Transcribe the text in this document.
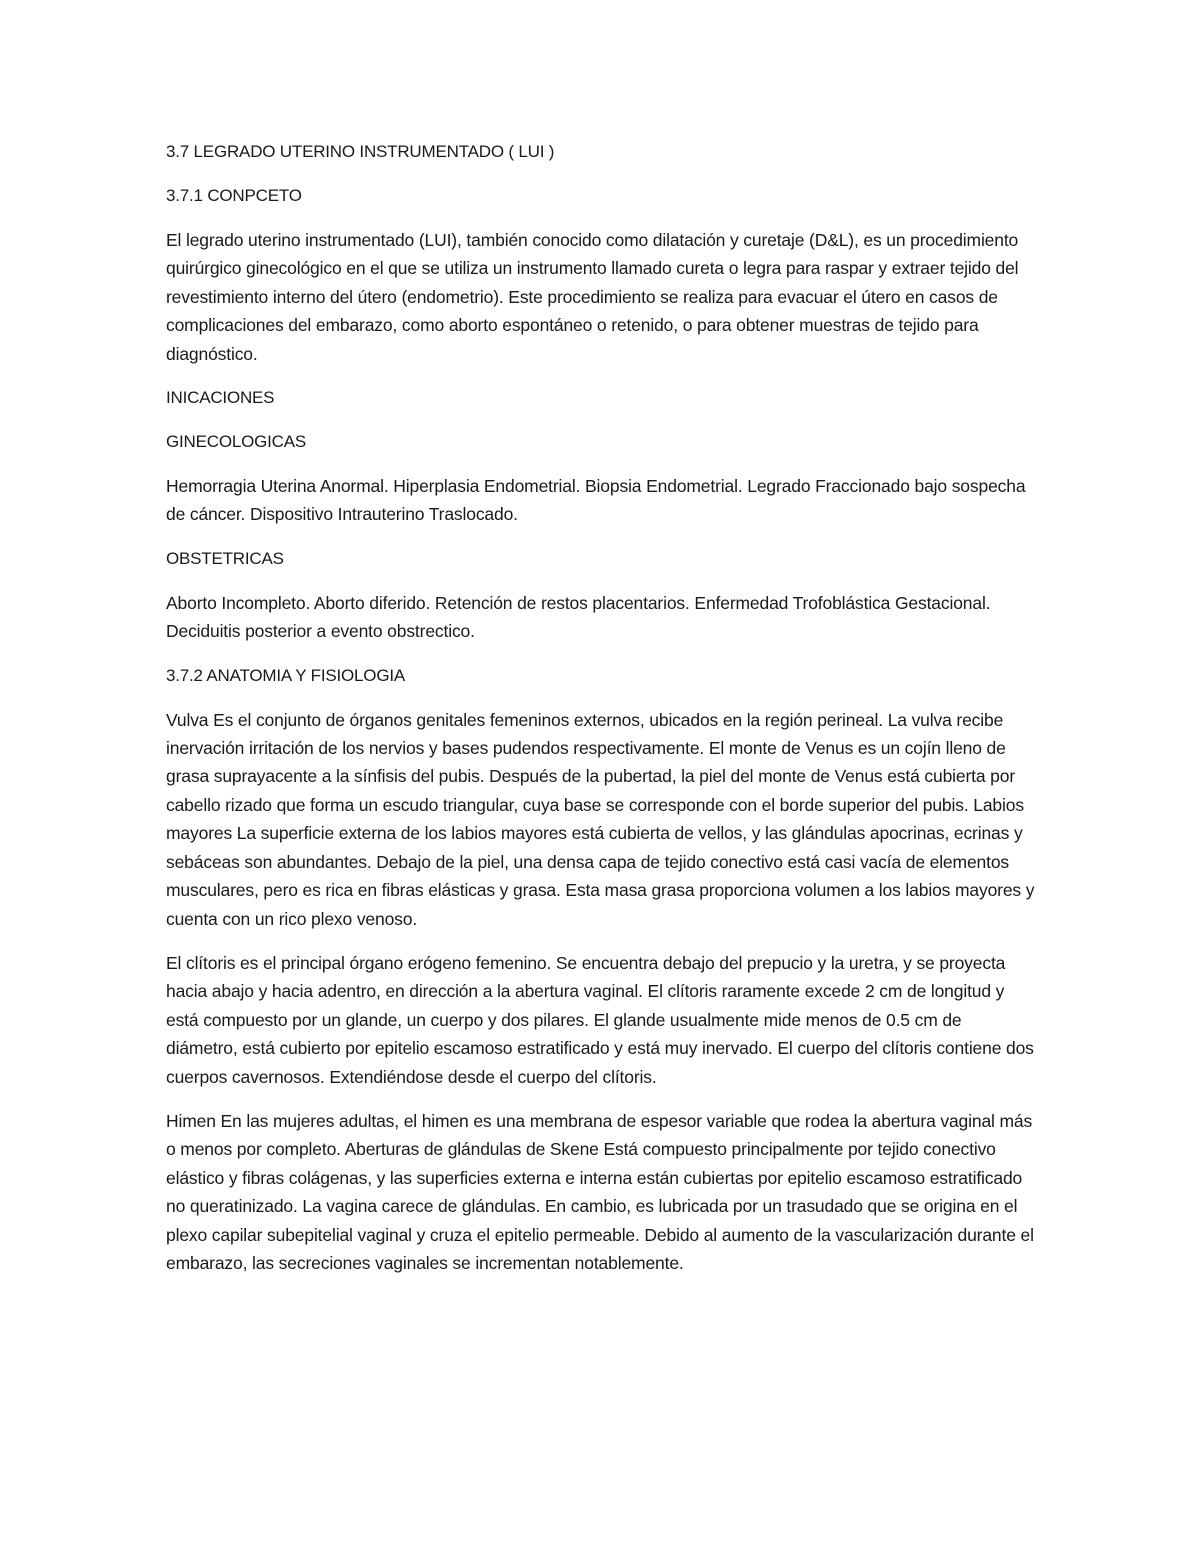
3.7 LEGRADO UTERINO INSTRUMENTADO ( LUI )

3.7.1 CONPCETO

El legrado uterino instrumentado (LUI), también conocido como dilatación y curetaje (D&L), es un procedimiento quirúrgico ginecológico en el que se utiliza un instrumento llamado cureta o legra para raspar y extraer tejido del revestimiento interno del útero (endometrio). Este procedimiento se realiza para evacuar el útero en casos de complicaciones del embarazo, como aborto espontáneo o retenido, o para obtener muestras de tejido para diagnóstico.

INICACIONES

GINECOLOGICAS

Hemorragia Uterina Anormal. Hiperplasia Endometrial. Biopsia Endometrial. Legrado Fraccionado bajo sospecha de cáncer. Dispositivo Intrauterino Traslocado.

OBSTETRICAS

Aborto Incompleto. Aborto diferido. Retención de restos placentarios. Enfermedad Trofoblástica Gestacional. Deciduitis posterior a evento obstrectico.

3.7.2 ANATOMIA Y FISIOLOGIA

Vulva Es el conjunto de órganos genitales femeninos externos, ubicados en la región perineal. La vulva recibe inervación irritación de los nervios y bases pudendos respectivamente. El monte de Venus es un cojín lleno de grasa suprayacente a la sínfisis del pubis. Después de la pubertad, la piel del monte de Venus está cubierta por cabello rizado que forma un escudo triangular, cuya base se corresponde con el borde superior del pubis. Labios mayores La superficie externa de los labios mayores está cubierta de vellos, y las glándulas apocrinas, ecrinas y sebáceas son abundantes. Debajo de la piel, una densa capa de tejido conectivo está casi vacía de elementos musculares, pero es rica en fibras elásticas y grasa. Esta masa grasa proporciona volumen a los labios mayores y cuenta con un rico plexo venoso.

El clítoris es el principal órgano erógeno femenino. Se encuentra debajo del prepucio y la uretra, y se proyecta hacia abajo y hacia adentro, en dirección a la abertura vaginal. El clítoris raramente excede 2 cm de longitud y está compuesto por un glande, un cuerpo y dos pilares. El glande usualmente mide menos de 0.5 cm de diámetro, está cubierto por epitelio escamoso estratificado y está muy inervado. El cuerpo del clítoris contiene dos cuerpos cavernosos. Extendiéndose desde el cuerpo del clítoris.

Himen En las mujeres adultas, el himen es una membrana de espesor variable que rodea la abertura vaginal más o menos por completo. Aberturas de glándulas de Skene Está compuesto principalmente por tejido conectivo elástico y fibras colágenas, y las superficies externa e interna están cubiertas por epitelio escamoso estratificado no queratinizado. La vagina carece de glándulas. En cambio, es lubricada por un trasudado que se origina en el plexo capilar subepitelial vaginal y cruza el epitelio permeable. Debido al aumento de la vascularización durante el embarazo, las secreciones vaginales se incrementan notablemente.
